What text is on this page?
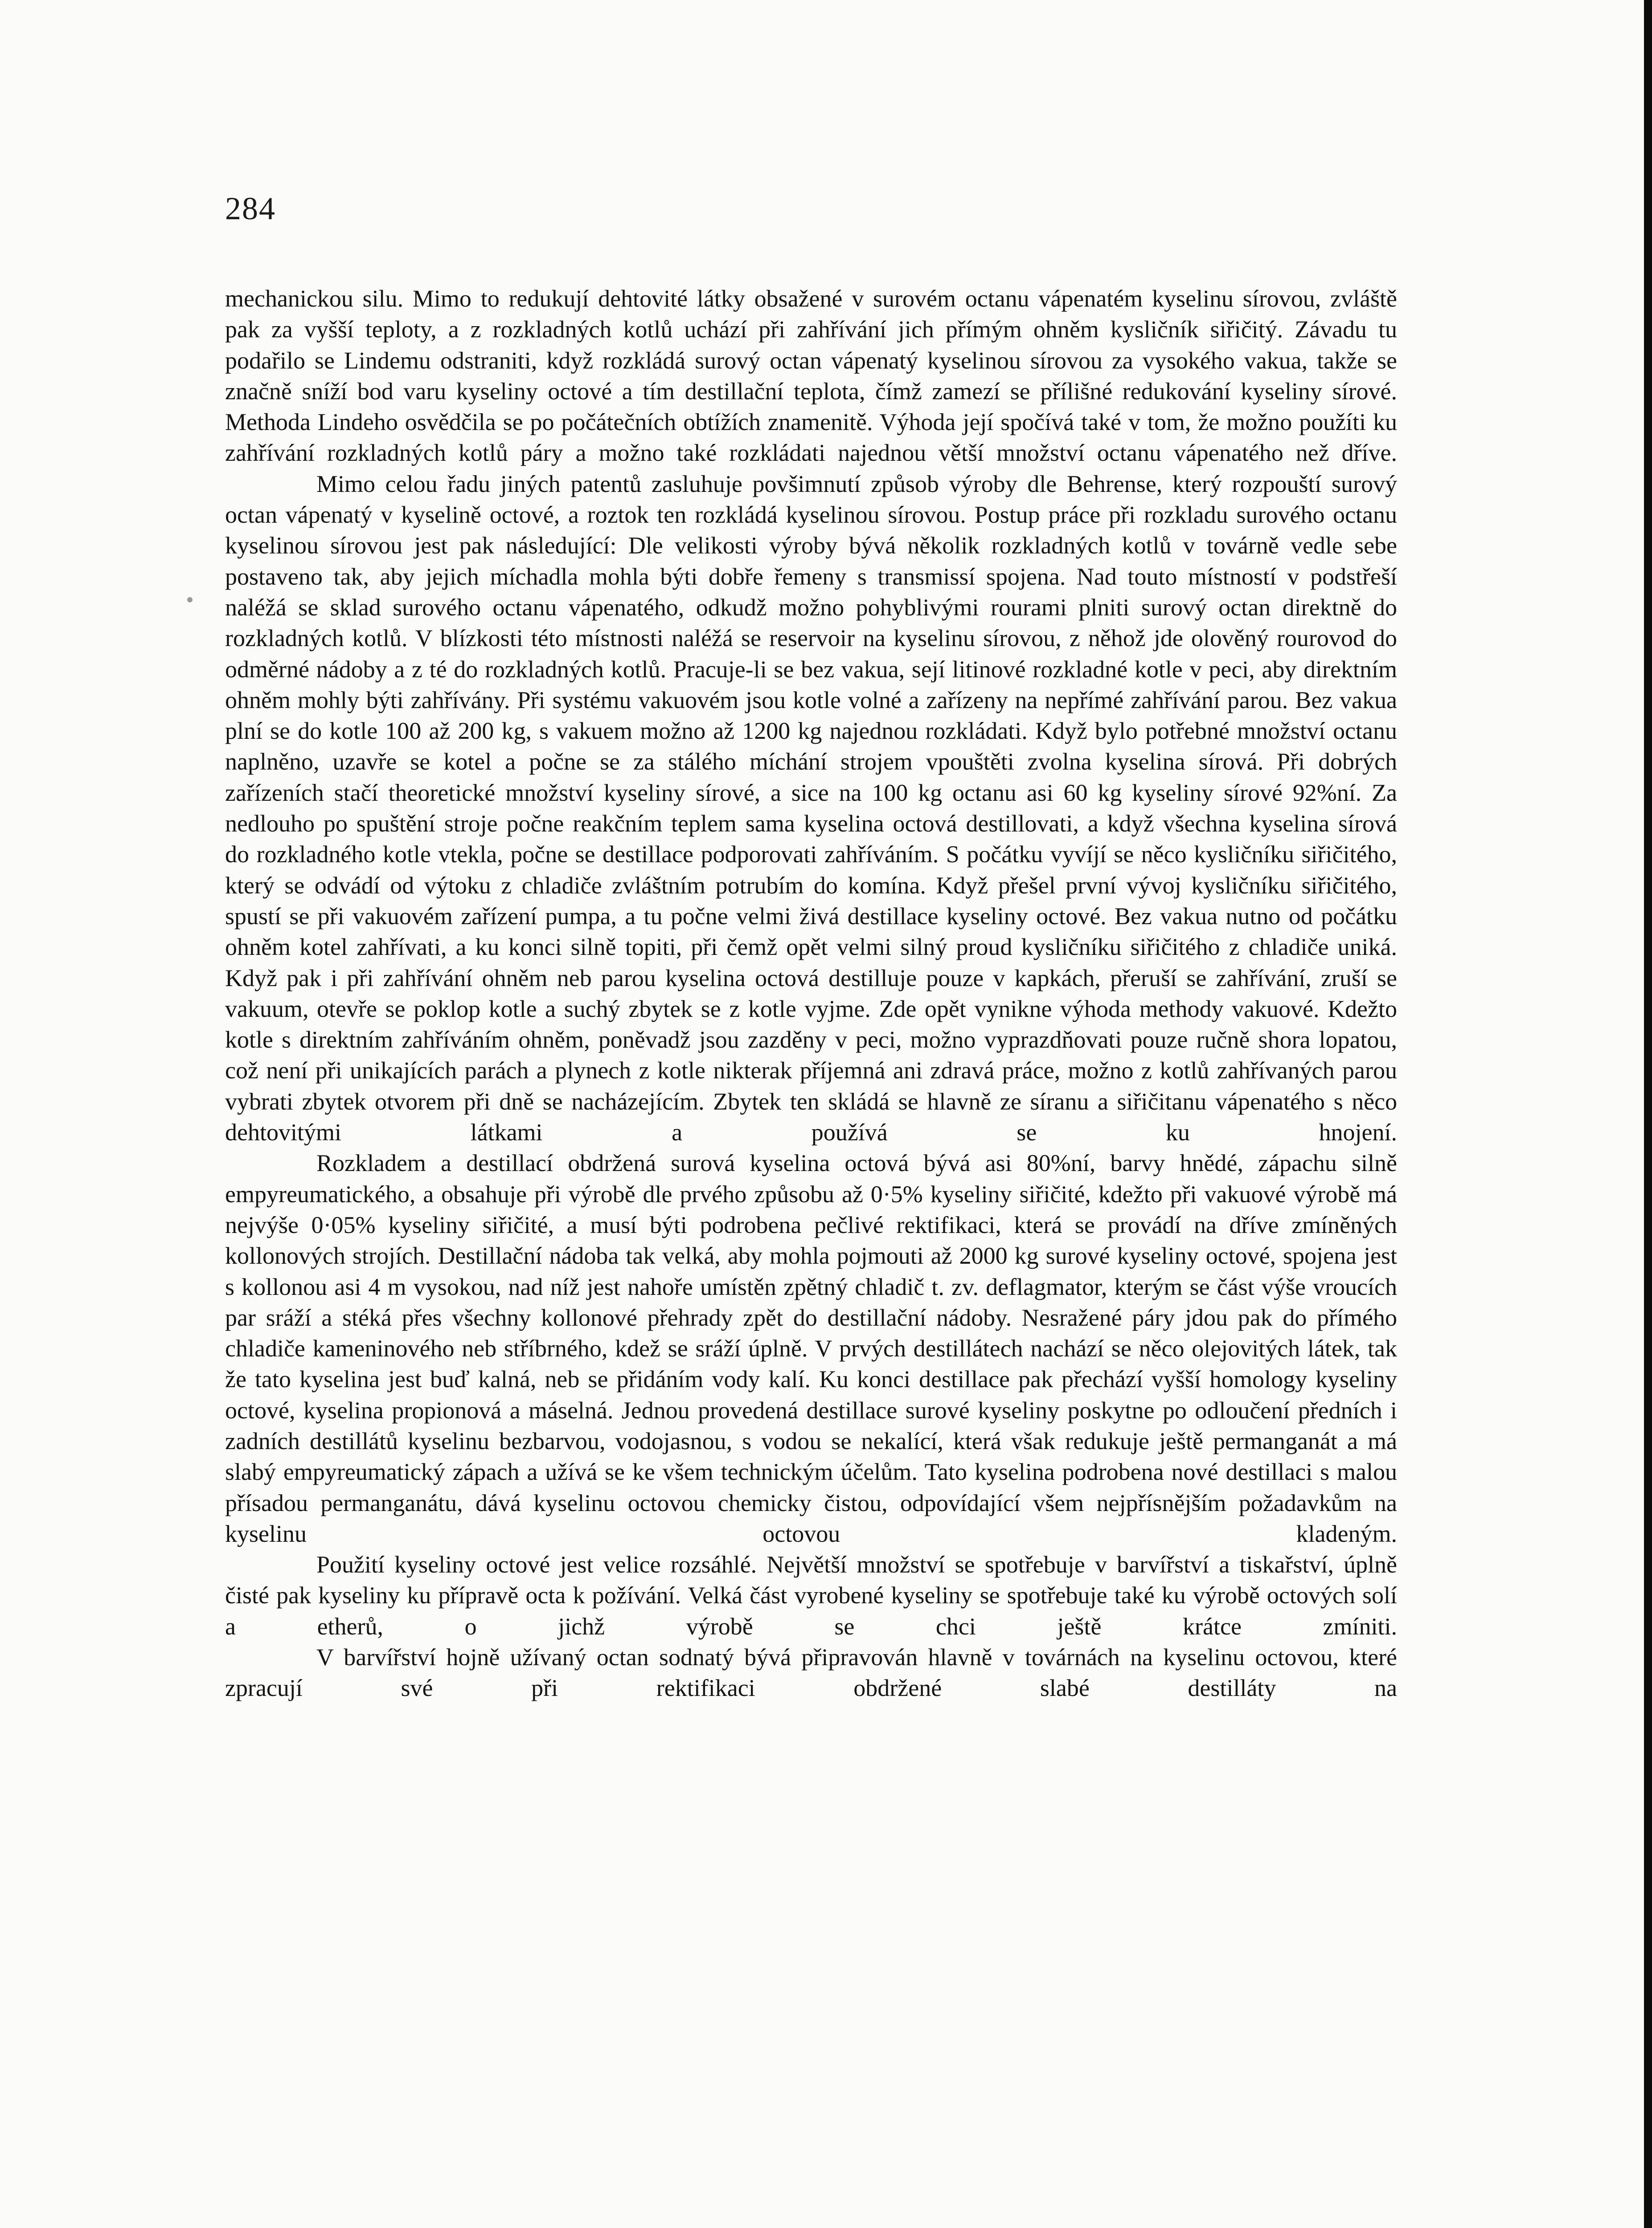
284

mechanickou silu. Mimo to redukují dehtovité látky obsažené v surovém octanu vápenatém kyselinu sírovou, zvláště pak za vyšší teploty, a z rozkladných kotlů uchází při zahřívání jich přímým ohněm kysličník siřičitý. Závadu tu podařilo se Lindemu odstraniti, když rozkládá surový octan vápenatý kyselinou sírovou za vysokého vakua, takže se značně sníží bod varu kyseliny octové a tím destillační teplota, čímž zamezí se přílišné redukování kyseliny sírové. Methoda Lindeho osvědčila se po počátečních obtížích znamenitě. Výhoda její spočívá také v tom, že možno použíti ku zahřívání rozkladných kotlů páry a možno také rozkládati najednou větší množství octanu vápenatého než dříve.

Mimo celou řadu jiných patentů zasluhuje povšimnutí způsob výroby dle Behrense, který rozpouští surový octan vápenatý v kyselině octové, a roztok ten rozkládá kyselinou sírovou. Postup práce při rozkladu surového octanu kyselinou sírovou jest pak následující: Dle velikosti výroby bývá několik rozkladných kotlů v továrně vedle sebe postaveno tak, aby jejich míchadla mohla býti dobře řemeny s transmissí spojena. Nad touto místností v podstřeší naléžá se sklad surového octanu vápenatého, odkudž možno pohyblivými rourami plniti surový octan direktně do rozkladných kotlů. V blízkosti této místnosti naléžá se reservoir na kyselinu sírovou, z něhož jde olověný rourovod do odměrné nádoby a z té do rozkladných kotlů. Pracuje-li se bez vakua, sejí litinové rozkladné kotle v peci, aby direktním ohněm mohly býti zahřívány. Při systému vakuovém jsou kotle volné a zařízeny na nepřímé zahřívání parou. Bez vakua plní se do kotle 100 až 200 kg, s vakuem možno až 1200 kg najednou rozkládati. Když bylo potřebné množství octanu naplněno, uzavře se kotel a počne se za stálého míchání strojem vpouštěti zvolna kyselina sírová. Při dobrých zařízeních stačí theoretické množství kyseliny sírové, a sice na 100 kg octanu asi 60 kg kyseliny sírové 92%ní. Za nedlouho po spuštění stroje počne reakčním teplem sama kyselina octová destillovati, a když všechna kyselina sírová do rozkladného kotle vtekla, počne se destillace podporovati zahříváním. S počátku vyvíjí se něco kysličníku siřičitého, který se odvádí od výtoku z chladiče zvláštním potrubím do komína. Když přešel první vývoj kysličníku siřičitého, spustí se při vakuovém zařízení pumpa, a tu počne velmi živá destillace kyseliny octové. Bez vakua nutno od počátku ohněm kotel zahřívati, a ku konci silně topiti, při čemž opět velmi silný proud kysličníku siřičitého z chladiče uniká. Když pak i při zahřívání ohněm neb parou kyselina octová destilluje pouze v kapkách, přeruší se zahřívání, zruší se vakuum, otevře se poklop kotle a suchý zbytek se z kotle vyjme. Zde opět vynikne výhoda methody vakuové. Kdežto kotle s direktním zahříváním ohněm, poněvadž jsou zazděny v peci, možno vyprazdňovati pouze ručně shora lopatou, což není při unikajících parách a plynech z kotle nikterak příjemná ani zdravá práce, možno z kotlů zahřívaných parou vybrati zbytek otvorem při dně se nacházejícím. Zbytek ten skládá se hlavně ze síranu a siřičitanu vápenatého s něco dehtovitými látkami a používá se ku hnojení.

Rozkladem a destillací obdržená surová kyselina octová bývá asi 80%ní, barvy hnědé, zápachu silně empyreumatického, a obsahuje při výrobě dle prvého způsobu až 0·5% kyseliny siřičité, kdežto při vakuové výrobě má nejvýše 0·05% kyseliny siřičité, a musí býti podrobena pečlivé rektifikaci, která se provádí na dříve zmíněných kollonových strojích. Destillační nádoba tak velká, aby mohla pojmouti až 2000 kg surové kyseliny octové, spojena jest s kollonou asi 4 m vysokou, nad níž jest nahoře umístěn zpětný chladič t. zv. deflagmator, kterým se část výše vroucích par sráží a stéká přes všechny kollonové přehrady zpět do destillační nádoby. Nesražené páry jdou pak do přímého chladiče kameninového neb stříbrného, kdež se sráží úplně. V prvých destillátech nachází se něco olejovitých látek, tak že tato kyselina jest buď kalná, neb se přidáním vody kalí. Ku konci destillace pak přechází vyšší homology kyseliny octové, kyselina propionová a máselná. Jednou provedená destillace surové kyseliny poskytne po odloučení předních i zadních destillátů kyselinu bezbarvou, vodojasnou, s vodou se nekalící, která však redukuje ještě permanganát a má slabý empyreumatický zápach a užívá se ke všem technickým účelům. Tato kyselina podrobena nové destillaci s malou přísadou permanganátu, dává kyselinu octovou chemicky čistou, odpovídající všem nejpřísnějším požadavkům na kyselinu octovou kladeným.

Použití kyseliny octové jest velice rozsáhlé. Největší množství se spotřebuje v barvířství a tiskařství, úplně čisté pak kyseliny ku přípravě octa k požívání. Velká část vyrobené kyseliny se spotřebuje také ku výrobě octových solí a etherů, o jichž výrobě se chci ještě krátce zmíniti.

V barvířství hojně užívaný octan sodnatý bývá připravován hlavně v továrnách na kyselinu octovou, které zpracují své při rektifikaci obdržené slabé destilláty na
